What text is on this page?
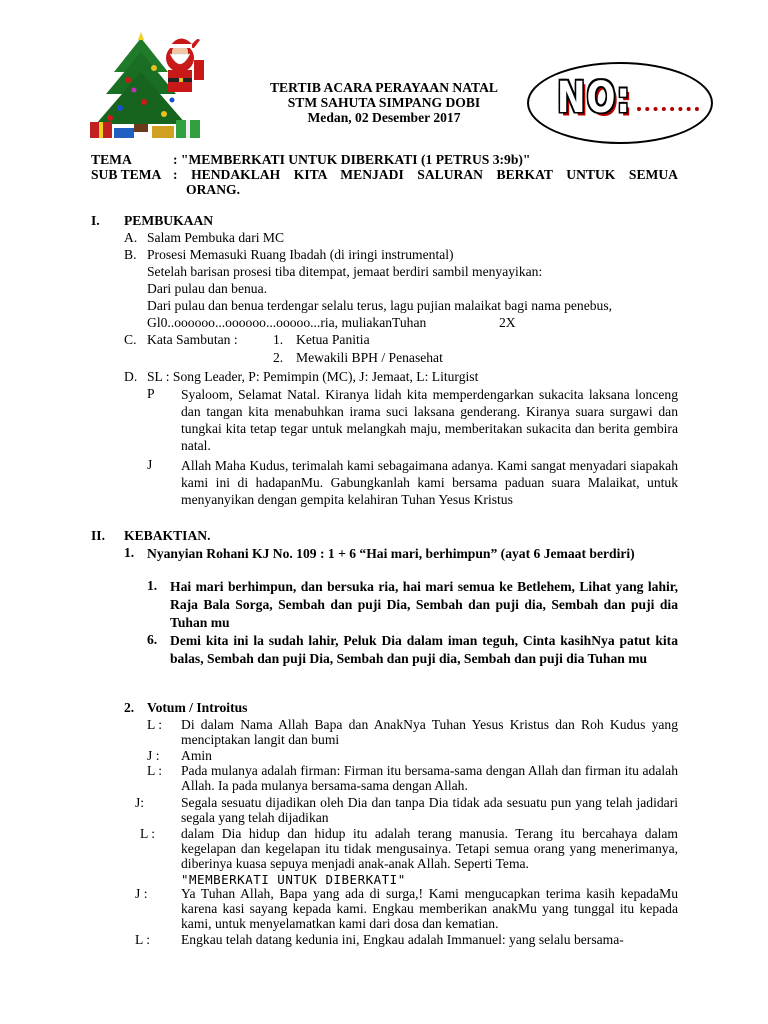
TERTIB ACARA PERAYAAN NATAL
STM SAHUTA SIMPANG DOBI
Medan, 02 Desember 2017	NO:
TEMA	: "MEMBERKATI UNTUK DIBERKATI (1 PETRUS 3:9b)"
SUB TEMA : HENDAKLAH KITA MENJADI SALURAN BERKAT UNTUK SEMUA
ORANG.
I. PEMBUKAAN
A. Salam Pembuka dari MC
B. Prosesi Memasuki Ruang Ibadah (di iringi instrumental)
Setelah barisan prosesi tiba ditempat, jemaat berdiri sambil menyayikan:
Dari pulau dan benua.
Dari pulau dan benua terdengar selalu terus, lagu pujian malaikat bagi nama penebus,
Gl0..oooooo...oooooo...ooooo...ria, muliakanTuhan	2X
C. Kata Sambutan :	1. Ketua Panitia
2. Mewakili BPH / Penasehat
D. SL : Song Leader, P: Pemimpin (MC), J: Jemaat, L: Liturgist
P Syaloom, Selamat Natal. Kiranya lidah kita memperdengarkan sukacita laksana lonceng dan tangan kita menabuhkan irama suci laksana genderang. Kiranya suara surgawi dan tungkai kita tetap tegar untuk melangkah maju, memberitakan sukacita dan berita gembira natal.
J Allah Maha Kudus, terimalah kami sebagaimana adanya. Kami sangat menyadari siapakah kami ini di hadapanMu. Gabungkanlah kami bersama paduan suara Malaikat, untuk menyanyikan dengan gempita kelahiran Tuhan Yesus Kristus
II. KEBAKTIAN.
1. Nyanyian Rohani KJ No. 109 : 1 + 6 “Hai mari, berhimpun” (ayat 6 Jemaat berdiri)
1. Hai mari berhimpun, dan bersuka ria, hai mari semua ke Betlehem, Lihat yang lahir, Raja Bala Sorga, Sembah dan puji Dia, Sembah dan puji dia, Sembah dan puji dia Tuhan mu
6. Demi kita ini la sudah lahir, Peluk Dia dalam iman teguh, Cinta kasihNya patut kita balas, Sembah dan puji Dia, Sembah dan puji dia, Sembah dan puji dia Tuhan mu
2. Votum / Introitus
L : Di dalam Nama Allah Bapa dan AnakNya Tuhan Yesus Kristus dan Roh Kudus yang menciptakan langit dan bumi
J : Amin
L : Pada mulanya adalah firman: Firman itu bersama-sama dengan Allah dan firman itu adalah Allah. Ia pada mulanya bersama-sama dengan Allah.
J:	Segala sesuatu dijadikan oleh Dia dan tanpa Dia tidak ada sesuatu pun yang telah jadidari segala yang telah dijadikan
L : dalam Dia hidup dan hidup itu adalah terang manusia. Terang itu bercahaya dalam kegelapan dan kegelapan itu tidak mengusainya. Tetapi semua orang yang menerimanya, diberinya kuasa sepuya menjadi anak-anak Allah. Seperti Tema.
"MEMBERKATI UNTUK DIBERKATI"
J : Ya Tuhan Allah, Bapa yang ada di surga,! Kami mengucapkan terima kasih kepadaMu karena kasi sayang kepada kami. Engkau memberikan anakMu yang tunggal itu kepada kami, untuk menyelamatkan kami dari dosa dan kematian.
L : Engkau telah datang kedunia ini, Engkau adalah Immanuel: yang selalu bersama-
